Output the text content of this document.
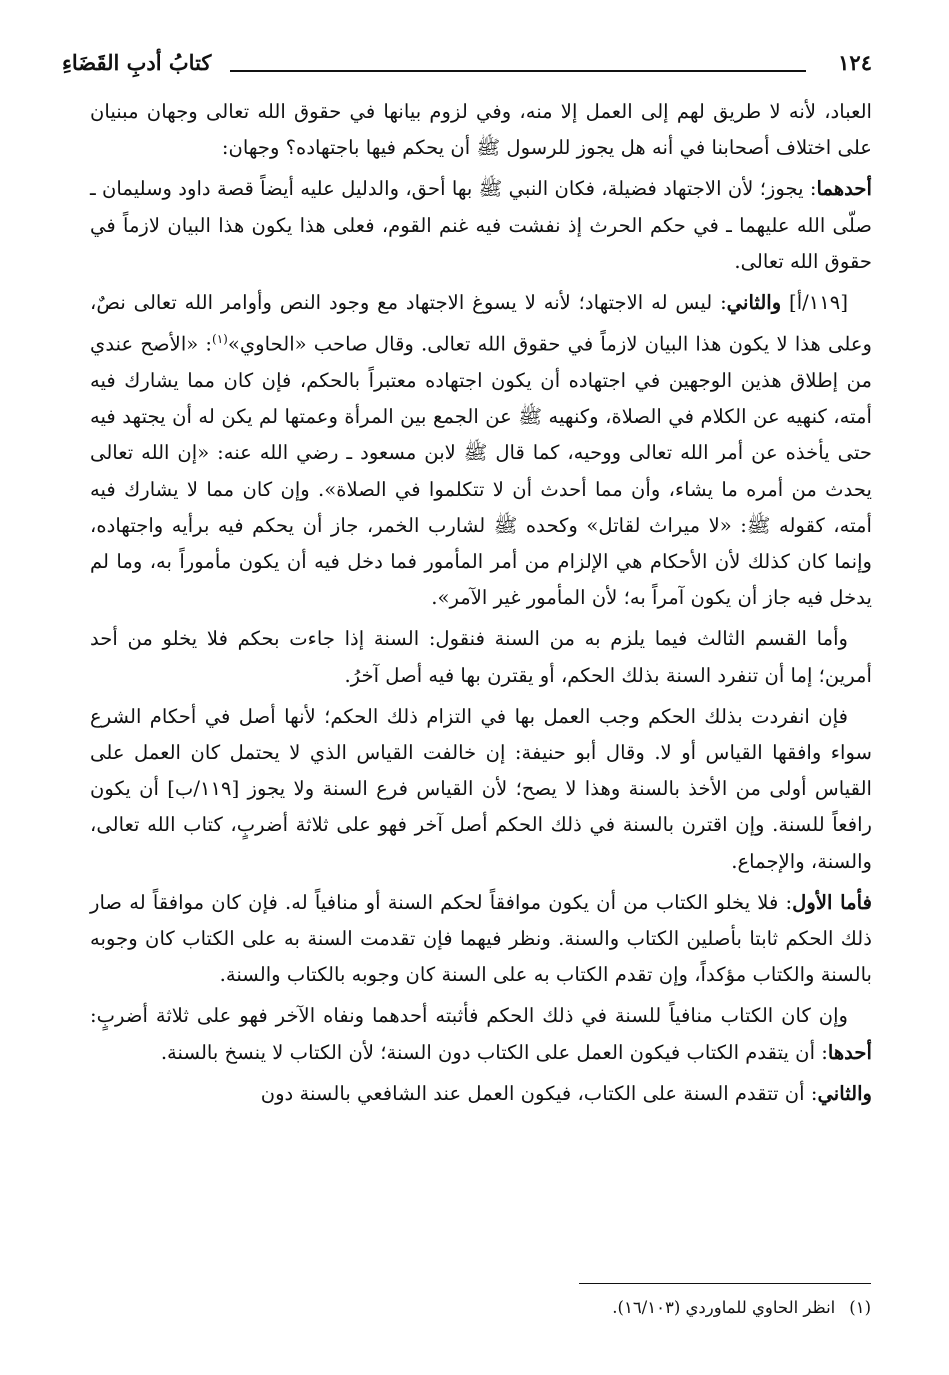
١٢٤
كتابُ أدبِ القَضَاءِ

العباد، لأنه لا طريق لهم إلى العمل إلا منه، وفي لزوم بيانها في حقوق الله تعالى وجهان مبنيان على اختلاف أصحابنا في أنه هل يجوز للرسول ﷺ أن يحكم فيها باجتهاده؟ وجهان:

أحدهما: يجوز؛ لأن الاجتهاد فضيلة، فكان النبي ﷺ بها أحق، والدليل عليه أيضاً قصة داود وسليمان ـ صلّى الله عليهما ـ في حكم الحرث إذ نفشت فيه غنم القوم، فعلى هذا يكون هذا البيان لازماً في حقوق الله تعالى.

[١١٩/أ] والثاني: ليس له الاجتهاد؛ لأنه لا يسوغ الاجتهاد مع وجود النص وأوامر الله تعالى نصٌ، وعلى هذا لا يكون هذا البيان لازماً في حقوق الله تعالى. وقال صاحب «الحاوي»$^{(١)}$: «الأصح عندي من إطلاق هذين الوجهين في اجتهاده أن يكون اجتهاده معتبراً بالحكم، فإن كان مما يشارك فيه أمته، كنهيه عن الكلام في الصلاة، وكنهيه ﷺ عن الجمع بين المرأة وعمتها لم يكن له أن يجتهد فيه حتى يأخذه عن أمر الله تعالى ووحيه، كما قال ﷺ لابن مسعود ـ رضي الله عنه: «إن الله تعالى يحدث من أمره ما يشاء، وأن مما أحدث أن لا تتكلموا في الصلاة». وإن كان مما لا يشارك فيه أمته، كقوله ﷺ: «لا ميراث لقاتل» وكحده ﷺ لشارب الخمر، جاز أن يحكم فيه برأيه واجتهاده، وإنما كان كذلك لأن الأحكام هي الإلزام من أمر المأمور فما دخل فيه أن يكون مأموراً به، وما لم يدخل فيه جاز أن يكون آمراً به؛ لأن المأمور غير الآمر».

وأما القسم الثالث فيما يلزم به من السنة فنقول: السنة إذا جاءت بحكم فلا يخلو من أحد أمرين؛ إما أن تنفرد السنة بذلك الحكم، أو يقترن بها فيه أصل آخرُ.

فإن انفردت بذلك الحكم وجب العمل بها في التزام ذلك الحكم؛ لأنها أصل في أحكام الشرع سواء وافقها القياس أو لا. وقال أبو حنيفة: إن خالفت القياس الذي لا يحتمل كان العمل على القياس أولى من الأخذ بالسنة وهذا لا يصح؛ لأن القياس فرع السنة ولا يجوز [١١٩/ب] أن يكون رافعاً للسنة. وإن اقترن بالسنة في ذلك الحكم أصل آخر فهو على ثلاثة أضربٍ، كتاب الله تعالى، والسنة، والإجماع.

فأما الأول: فلا يخلو الكتاب من أن يكون موافقاً لحكم السنة أو منافياً له. فإن كان موافقاً له صار ذلك الحكم ثابتا بأصلين الكتاب والسنة. ونظر فيهما فإن تقدمت السنة به على الكتاب كان وجوبه بالسنة والكتاب مؤكداً، وإن تقدم الكتاب به على السنة كان وجوبه بالكتاب والسنة.

وإن كان الكتاب منافياً للسنة في ذلك الحكم فأثبته أحدهما ونفاه الآخر فهو على ثلاثة أضربٍ: أحدها: أن يتقدم الكتاب فيكون العمل على الكتاب دون السنة؛ لأن الكتاب لا ينسخ بالسنة.

والثاني: أن تتقدم السنة على الكتاب، فيكون العمل عند الشافعي بالسنة دون

(١)انظر الحاوي للماوردي (١٦/١٠٣).
